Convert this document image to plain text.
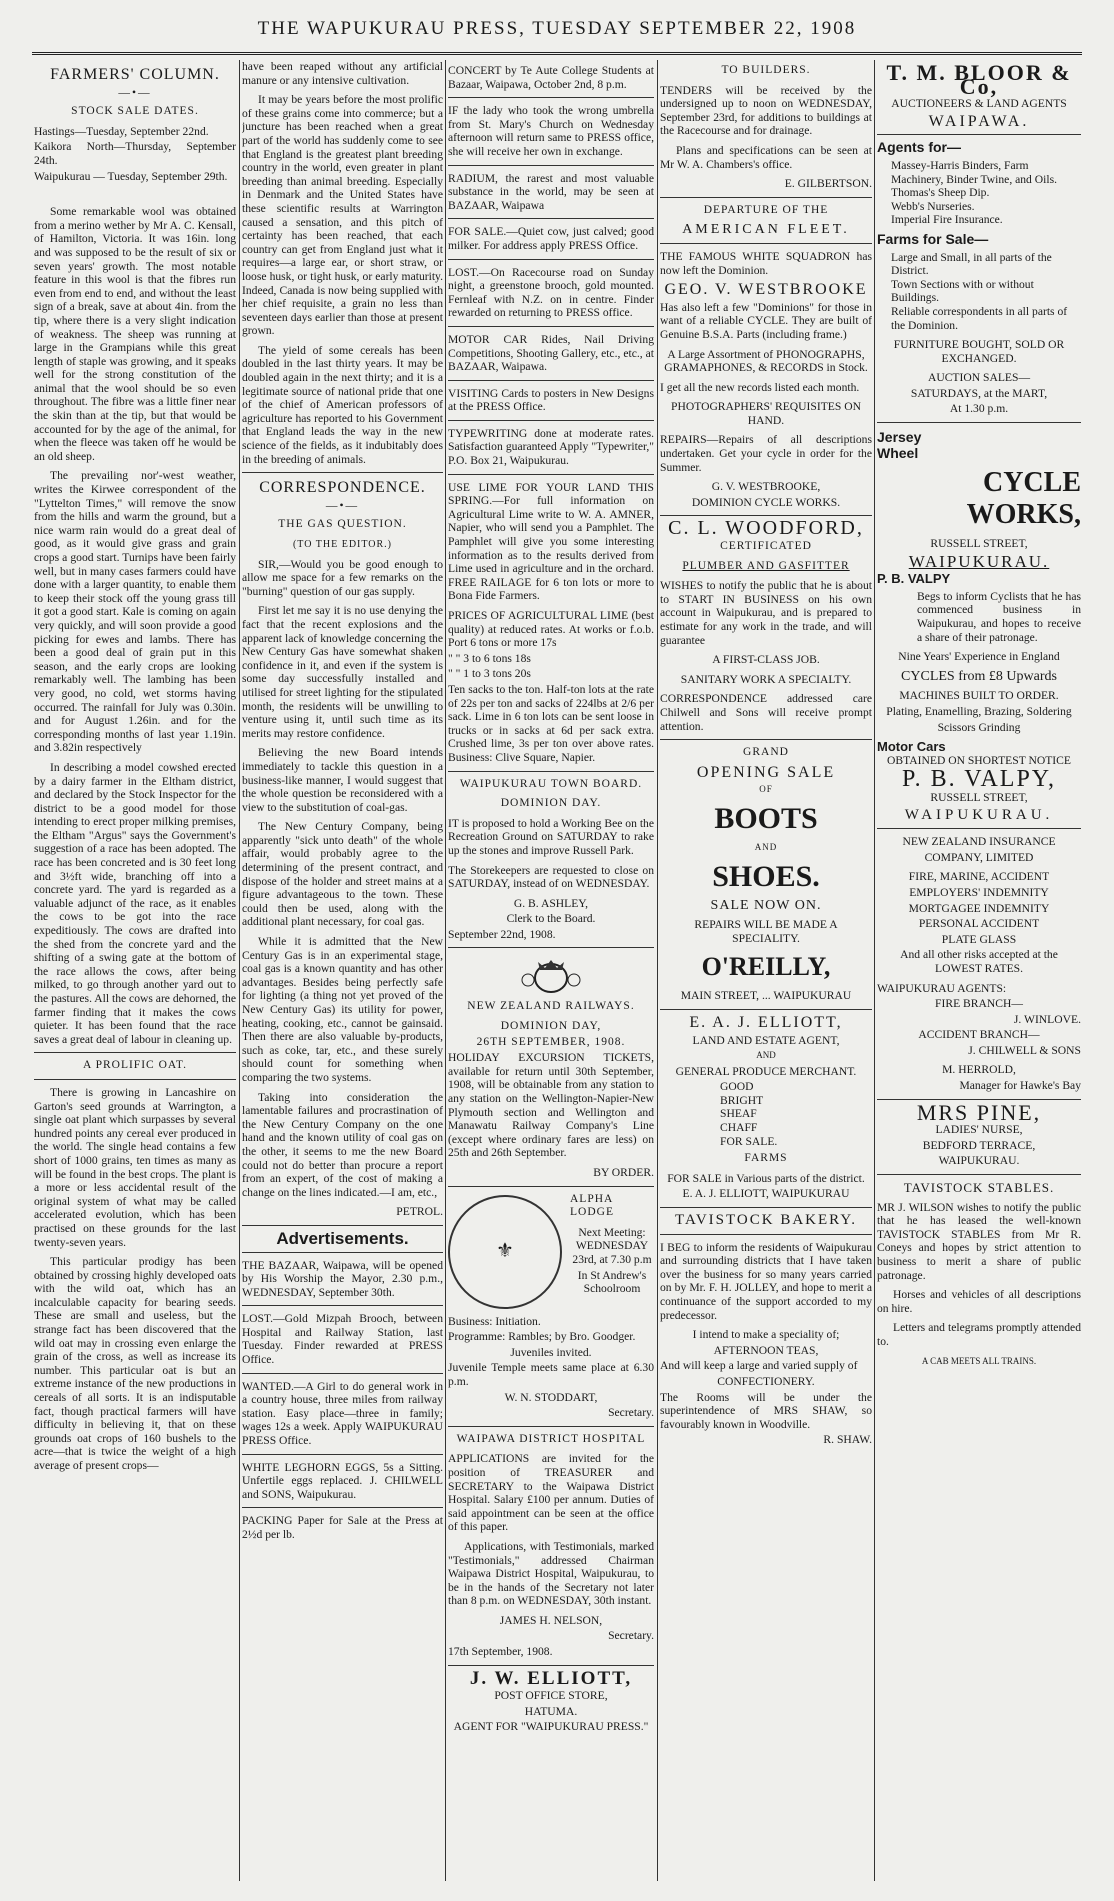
THE WAPUKURAU PRESS, TUESDAY SEPTEMBER 22, 1908
FARMERS' COLUMN.
—•—
STOCK SALE DATES.

Hastings—Tuesday, September 22nd.

Kaikora North—Thursday, September 24th.

Waipukurau — Tuesday, September 29th.

Some remarkable wool was obtained from a merino wether by Mr A. C. Kensall, of Hamilton, Victoria. It was 16in. long and was supposed to be the result of six or seven years' growth. The most notable feature in this wool is that the fibres run even from end to end, and without the least sign of a break, save at about 4in. from the tip, where there is a very slight indication of weakness. The sheep was running at large in the Grampians while this great length of staple was growing, and it speaks well for the strong constitution of the animal that the wool should be so even throughout. The fibre was a little finer near the skin than at the tip, but that would be accounted for by the age of the animal, for when the fleece was taken off he would be an old sheep.

The prevailing nor'-west weather, writes the Kirwee correspondent of the "Lyttelton Times," will remove the snow from the hills and warm the ground, but a nice warm rain would do a great deal of good, as it would give grass and grain crops a good start. Turnips have been fairly well, but in many cases farmers could have done with a larger quantity, to enable them to keep their stock off the young grass till it got a good start. Kale is coming on again very quickly, and will soon provide a good picking for ewes and lambs. There has been a good deal of grain put in this season, and the early crops are looking remarkably well. The lambing has been very good, no cold, wet storms having occurred. The rainfall for July was 0.30in. and for August 1.26in. and for the corresponding months of last year 1.19in. and 3.82in respectively

In describing a model cowshed erected by a dairy farmer in the Eltham district, and declared by the Stock Inspector for the district to be a good model for those intending to erect proper milking premises, the Eltham "Argus" says the Government's suggestion of a race has been adopted. The race has been concreted and is 30 feet long and 3½ft wide, branching off into a concrete yard. The yard is regarded as a valuable adjunct of the race, as it enables the cows to be got into the race expeditiously. The cows are drafted into the shed from the concrete yard and the shifting of a swing gate at the bottom of the race allows the cows, after being milked, to go through another yard out to the pastures. All the cows are dehorned, the farmer finding that it makes the cows quieter. It has been found that the race saves a great deal of labour in cleaning up.

A PROLIFIC OAT.

There is growing in Lancashire on Garton's seed grounds at Warrington, a single oat plant which surpasses by several hundred points any cereal ever produced in the world. The single head contains a few short of 1000 grains, ten times as many as will be found in the best crops. The plant is a more or less accidental result of the original system of what may be called accelerated evolution, which has been practised on these grounds for the last twenty-seven years.

This particular prodigy has been obtained by crossing highly developed oats with the wild oat, which has an incalculable capacity for bearing seeds. These are small and useless, but the strange fact has been discovered that the wild oat may in crossing even enlarge the grain of the cross, as well as increase its number. This particular oat is but an extreme instance of the new productions in cereals of all sorts. It is an indisputable fact, though practical farmers will have difficulty in believing it, that on these grounds oat crops of 160 bushels to the acre—that is twice the weight of a high average of present crops—

have been reaped without any artificial manure or any intensive cultivation.

It may be years before the most prolific of these grains come into commerce; but a juncture has been reached when a great part of the world has suddenly come to see that England is the greatest plant breeding country in the world, even greater in plant breeding than animal breeding. Especially in Denmark and the United States have these scientific results at Warrington caused a sensation, and this pitch of certainty has been reached, that each country can get from England just what it requires—a large ear, or short straw, or loose husk, or tight husk, or early maturity. Indeed, Canada is now being supplied with her chief requisite, a grain no less than seventeen days earlier than those at present grown.

The yield of some cereals has been doubled in the last thirty years. It may be doubled again in the next thirty; and it is a legitimate source of national pride that one of the chief of American professors of agriculture has reported to his Government that England leads the way in the new science of the fields, as it indubitably does in the breeding of animals.

CORRESPONDENCE.
—•—
THE GAS QUESTION.
(TO THE EDITOR.)

SIR,—Would you be good enough to allow me space for a few remarks on the "burning" question of our gas supply.

First let me say it is no use denying the fact that the recent explosions and the apparent lack of knowledge concerning the New Century Gas have somewhat shaken confidence in it, and even if the system is some day successfully installed and utilised for street lighting for the stipulated month, the residents will be unwilling to venture using it, until such time as its merits may restore confidence.

Believing the new Board intends immediately to tackle this question in a business-like manner, I would suggest that the whole question be reconsidered with a view to the substitution of coal-gas.

The New Century Company, being apparently "sick unto death" of the whole affair, would probably agree to the determining of the present contract, and dispose of the holder and street mains at a figure advantageous to the town. These could then be used, along with the additional plant necessary, for coal gas.

While it is admitted that the New Century Gas is in an experimental stage, coal gas is a known quantity and has other advantages. Besides being perfectly safe for lighting (a thing not yet proved of the New Century Gas) its utility for power, heating, cooking, etc., cannot be gainsaid. Then there are also valuable by-products, such as coke, tar, etc., and these surely should count for something when comparing the two systems.

Taking into consideration the lamentable failures and procrastination of the New Century Company on the one hand and the known utility of coal gas on the other, it seems to me the new Board could not do better than procure a report from an expert, of the cost of making a change on the lines indicated.—I am, etc.,

PETROL.

Advertisements.

THE BAZAAR, Waipawa, will be opened by His Worship the Mayor, 2.30 p.m., WEDNESDAY, September 30th.

LOST.—Gold Mizpah Brooch, between Hospital and Railway Station, last Tuesday. Finder rewarded at PRESS Office.

WANTED.—A Girl to do general work in a country house, three miles from railway station. Easy place—three in family; wages 12s a week. Apply WAIPUKURAU PRESS Office.

WHITE LEGHORN EGGS, 5s a Sitting. Unfertile eggs replaced. J. CHILWELL and SONS, Waipukurau.

PACKING Paper for Sale at the Press at 2½d per lb.

CONCERT by Te Aute College Students at Bazaar, Waipawa, October 2nd, 8 p.m.

IF the lady who took the wrong umbrella from St. Mary's Church on Wednesday afternoon will return same to PRESS office, she will receive her own in exchange.

RADIUM, the rarest and most valuable substance in the world, may be seen at BAZAAR, Waipawa

FOR SALE.—Quiet cow, just calved; good milker. For address apply PRESS Office.

LOST.—On Racecourse road on Sunday night, a greenstone brooch, gold mounted. Fernleaf with N.Z. on in centre. Finder rewarded on returning to PRESS office.

MOTOR CAR Rides, Nail Driving Competitions, Shooting Gallery, etc., etc., at BAZAAR, Waipawa.

VISITING Cards to posters in New Designs at the PRESS Office.

TYPEWRITING done at moderate rates. Satisfaction guaranteed Apply "Typewriter," P.O. Box 21, Waipukurau.

USE LIME FOR YOUR LAND THIS SPRING.—For full information on Agricultural Lime write to W. A. AMNER, Napier, who will send you a Pamphlet. The Pamphlet will give you some interesting information as to the results derived from Lime used in agriculture and in the orchard. FREE RAILAGE for 6 ton lots or more to Bona Fide Farmers.

PRICES OF AGRICULTURAL LIME (best quality) at reduced rates. At works or f.o.b. Port 6 tons or more 17s

" " 3 to 6 tons 18s

" " 1 to 3 tons 20s

Ten sacks to the ton. Half-ton lots at the rate of 22s per ton and sacks of 224lbs at 2/6 per sack. Lime in 6 ton lots can be sent loose in trucks or in sacks at 6d per sack extra. Crushed lime, 3s per ton over above rates. Business: Clive Square, Napier.

WAIPUKURAU TOWN BOARD.
DOMINION DAY.

IT is proposed to hold a Working Bee on the Recreation Ground on SATURDAY to rake up the stones and improve Russell Park.

The Storekeepers are requested to close on SATURDAY, instead of on WEDNESDAY.

G. B. ASHLEY,

Clerk to the Board.

September 22nd, 1908.

NEW ZEALAND RAILWAYS.
DOMINION DAY,
26TH SEPTEMBER, 1908.

HOLIDAY EXCURSION TICKETS, available for return until 30th September, 1908, will be obtainable from any station to any station on the Wellington-Napier-New Plymouth section and Wellington and Manawatu Railway Company's Line (except where ordinary fares are less) on 25th and 26th September.

BY ORDER.

⚜
ALPHA LODGE

Next Meeting: WEDNESDAY 23rd, at 7.30 p.m

In St Andrew's Schoolroom

Business: Initiation.

Programme: Rambles; by Bro. Goodger.

Juveniles invited.

Juvenile Temple meets same place at 6.30 p.m.

W. N. STODDART,

Secretary.

WAIPAWA DISTRICT HOSPITAL

APPLICATIONS are invited for the position of TREASURER and SECRETARY to the Waipawa District Hospital. Salary £100 per annum. Duties of said appointment can be seen at the office of this paper.

Applications, with Testimonials, marked "Testimonials," addressed Chairman Waipawa District Hospital, Waipukurau, to be in the hands of the Secretary not later than 8 p.m. on WEDNESDAY, 30th instant.

JAMES H. NELSON,

Secretary.

17th September, 1908.

J. W. ELLIOTT,

POST OFFICE STORE,

HATUMA.

AGENT FOR "WAIPUKURAU PRESS."

TO BUILDERS.

TENDERS will be received by the undersigned up to noon on WEDNESDAY, September 23rd, for additions to buildings at the Racecourse and for drainage.

Plans and specifications can be seen at Mr W. A. Chambers's office.

E. GILBERTSON.

DEPARTURE OF THE
AMERICAN FLEET.

THE FAMOUS WHITE SQUADRON has now left the Dominion.

GEO. V. WESTBROOKE

Has also left a few "Dominions" for those in want of a reliable CYCLE. They are built of Genuine B.S.A. Parts (including frame.)

A Large Assortment of PHONOGRAPHS, GRAMAPHONES, & RECORDS in Stock.

I get all the new records listed each month.

PHOTOGRAPHERS' REQUISITES ON HAND.

REPAIRS—Repairs of all descriptions undertaken. Get your cycle in order for the Summer.

G. V. WESTBROOKE,

DOMINION CYCLE WORKS.

C. L. WOODFORD,
CERTIFICATED
PLUMBER AND GASFITTER

WISHES to notify the public that he is about to START IN BUSINESS on his own account in Waipukurau, and is prepared to estimate for any work in the trade, and will guarantee

A FIRST-CLASS JOB.

SANITARY WORK A SPECIALTY.

CORRESPONDENCE addressed care Chilwell and Sons will receive prompt attention.

GRAND
OPENING SALE
OF
BOOTS
AND
SHOES.
SALE NOW ON.

REPAIRS WILL BE MADE A SPECIALITY.

O'REILLY,

MAIN STREET, ... WAIPUKURAU

E. A. J. ELLIOTT,

LAND AND ESTATE AGENT,

AND

GENERAL PRODUCE MERCHANT.

GOOD
BRIGHT
SHEAF
CHAFF
FOR SALE.
FARMS

FOR SALE in Various parts of the district.

E. A. J. ELLIOTT, WAIPUKURAU

TAVISTOCK BAKERY.

I BEG to inform the residents of Waipukurau and surrounding districts that I have taken over the business for so many years carried on by Mr. F. H. JOLLEY, and hope to merit a continuance of the support accorded to my predecessor.

I intend to make a speciality of;

AFTERNOON TEAS,

And will keep a large and varied supply of

CONFECTIONERY.

The Rooms will be under the superintendence of MRS SHAW, so favourably known in Woodville.

R. SHAW.

T. M. BLOOR & Co,

AUCTIONEERS & LAND AGENTS

WAIPAWA.
Agents for—
Massey-Harris Binders, Farm Machinery, Binder Twine, and Oils.
Thomas's Sheep Dip.
Webb's Nurseries.
Imperial Fire Insurance.
Farms for Sale—
Large and Small, in all parts of the District.
Town Sections with or without Buildings.
Reliable correspondents in all parts of the Dominion.

FURNITURE BOUGHT, SOLD OR EXCHANGED.

AUCTION SALES—

SATURDAYS, at the MART,

At 1.30 p.m.

Jersey Wheel
CYCLE WORKS,

RUSSELL STREET,

WAIPUKURAU.
P. B. VALPY

Begs to inform Cyclists that he has commenced business in Waipukurau, and hopes to receive a share of their patronage.

Nine Years' Experience in England

CYCLES from £8 Upwards

MACHINES BUILT TO ORDER.

Plating, Enamelling, Brazing, Soldering

Scissors Grinding

Motor Cars

OBTAINED ON SHORTEST NOTICE

P. B. VALPY,

RUSSELL STREET,

WAIPUKURAU.

NEW ZEALAND INSURANCE

COMPANY, LIMITED

FIRE, MARINE, ACCIDENT

EMPLOYERS' INDEMNITY

MORTGAGEE INDEMNITY

PERSONAL ACCIDENT

PLATE GLASS

And all other risks accepted at the LOWEST RATES.

WAIPUKURAU AGENTS:

FIRE BRANCH—

J. WINLOVE.

ACCIDENT BRANCH—

J. CHILWELL & SONS

M. HERROLD,

Manager for Hawke's Bay

MRS PINE,

LADIES' NURSE,

BEDFORD TERRACE,

WAIPUKURAU.

TAVISTOCK STABLES.

MR J. WILSON wishes to notify the public that he has leased the well-known TAVISTOCK STABLES from Mr R. Coneys and hopes by strict attention to business to merit a share of public patronage.

Horses and vehicles of all descriptions on hire.

Letters and telegrams promptly attended to.

A CAB MEETS ALL TRAINS.
